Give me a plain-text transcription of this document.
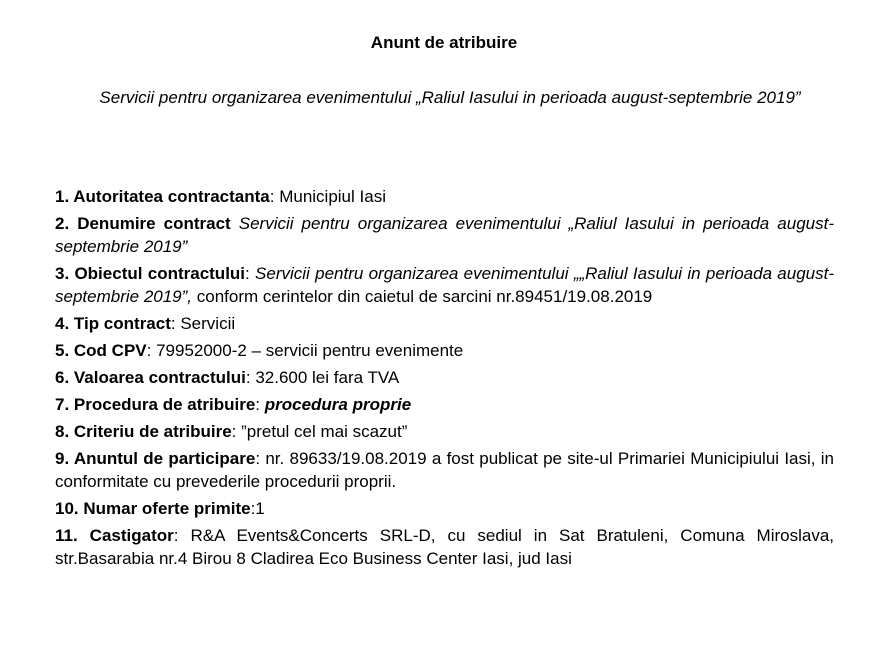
Anunt de atribuire
Servicii pentru organizarea evenimentului „Raliul Iasului in perioada august-septembrie 2019”
1. Autoritatea contractanta: Municipiul Iasi
2. Denumire contract Servicii pentru organizarea evenimentului „Raliul Iasului in perioada august-septembrie 2019”
3. Obiectul contractului: Servicii pentru organizarea evenimentului „„Raliul Iasului in perioada august-septembrie 2019”, conform cerintelor din caietul de sarcini nr.89451/19.08.2019
4. Tip contract: Servicii
5. Cod CPV: 79952000-2 – servicii pentru evenimente
6. Valoarea contractului: 32.600 lei fara TVA
7. Procedura de atribuire: procedura proprie
8. Criteriu de atribuire: ”pretul cel mai scazut”
9. Anuntul de participare: nr. 89633/19.08.2019 a fost publicat pe site-ul Primariei Municipiului Iasi, in conformitate cu prevederile procedurii proprii.
10. Numar oferte primite:1
11. Castigator: R&A Events&Concerts SRL-D, cu sediul in Sat Bratuleni, Comuna Miroslava, str.Basarabia nr.4 Birou 8 Cladirea Eco Business Center Iasi, jud Iasi
